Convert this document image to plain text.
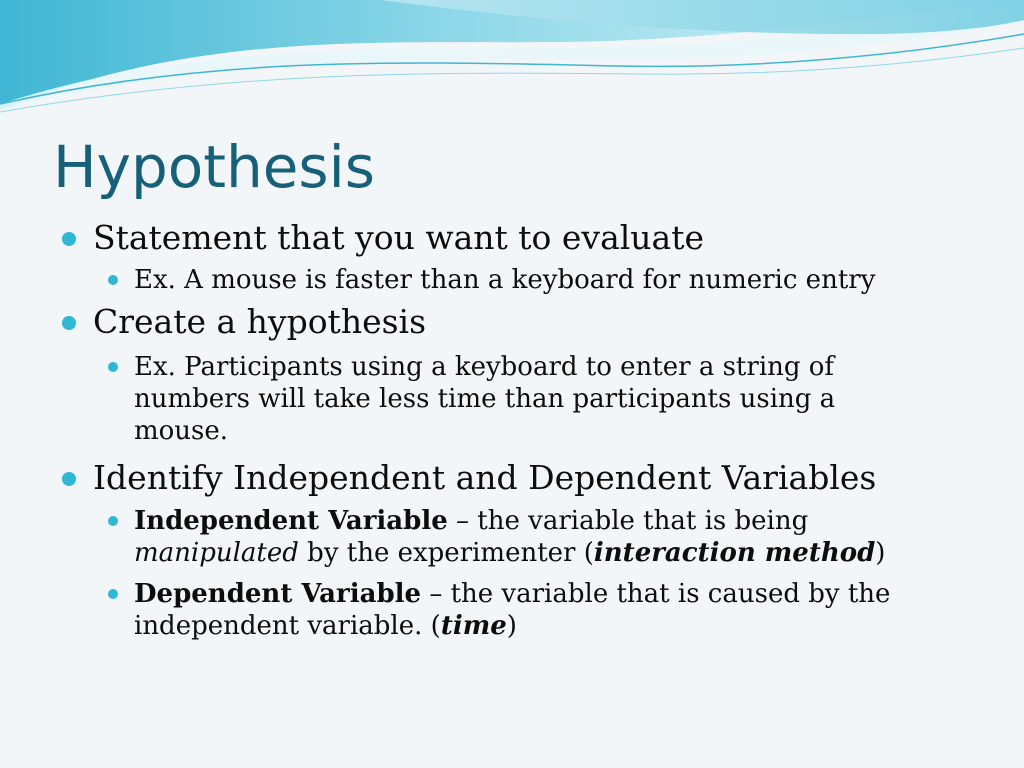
Hypothesis
Statement that you want to evaluate
Ex. A mouse is faster than a keyboard for numeric entry
Create a hypothesis
Ex. Participants using a keyboard to enter a string of numbers will take less time than participants using a mouse.
Identify Independent and Dependent Variables
Independent Variable – the variable that is being manipulated by the experimenter (interaction method)
Dependent Variable – the variable that is caused by the independent variable. (time)
